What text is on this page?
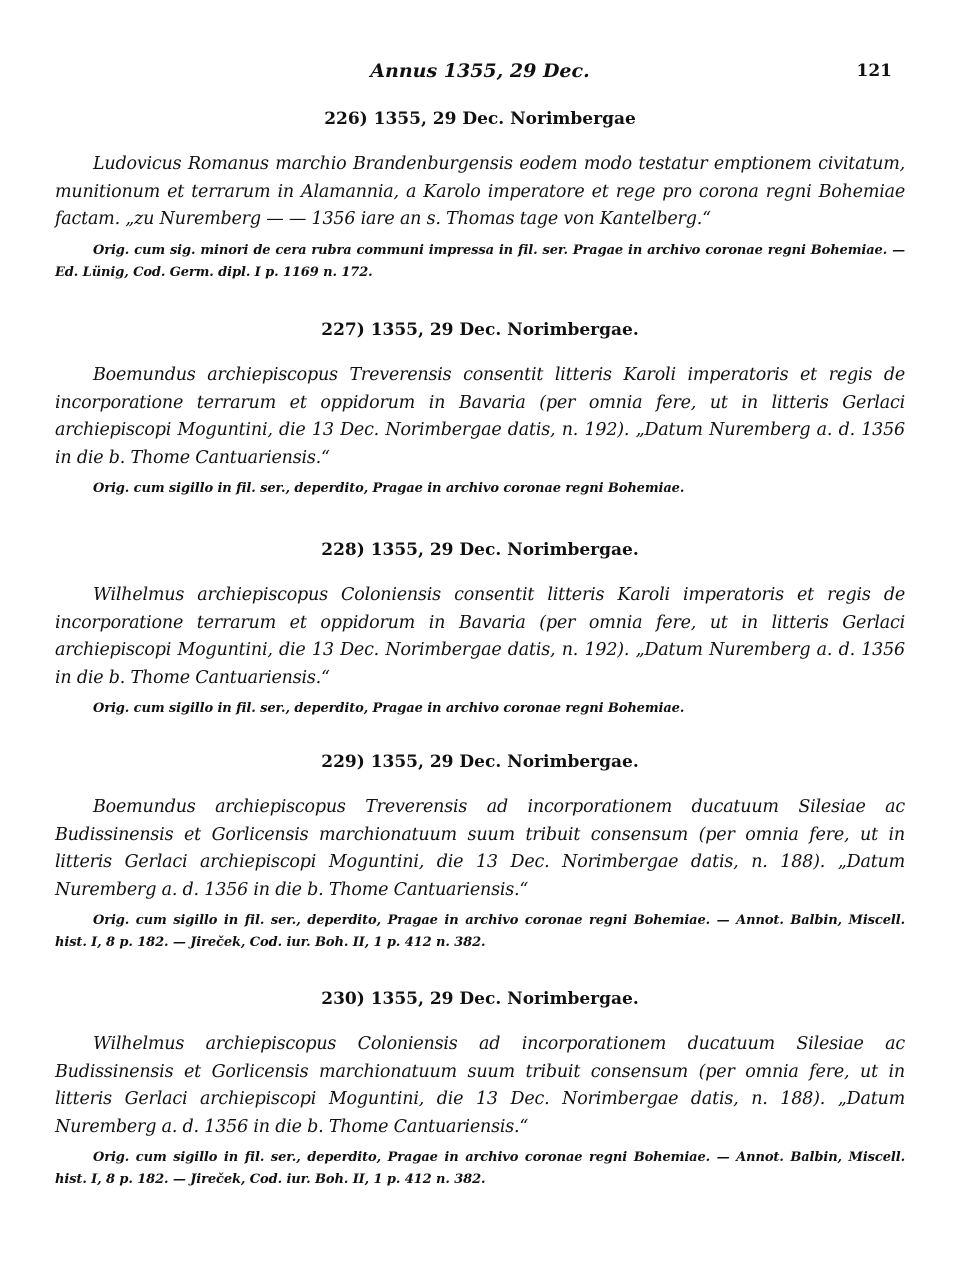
Annus 1355, 29 Dec.	121
226) 1355, 29 Dec. Norimbergae

Ludovicus Romanus marchio Brandenburgensis eodem modo testatur emptionem civitatum, munitionum et terrarum in Alamannia, a Karolo imperatore et rege pro corona regni Bohemiae factam. „zu Nuremberg — — 1356 iare an s. Thomas tage von Kantelberg.“

Orig. cum sig. minori de cera rubra communi impressa in fil. ser. Pragae in archivo coronae regni Bohemiae. — Ed. Lünig, Cod. Germ. dipl. I p. 1169 n. 172.

227) 1355, 29 Dec. Norimbergae.

Boemundus archiepiscopus Treverensis consentit litteris Karoli imperatoris et regis de incorporatione terrarum et oppidorum in Bavaria (per omnia fere, ut in litteris Gerlaci archiepiscopi Moguntini, die 13 Dec. Norimbergae datis, n. 192). „Datum Nuremberg a. d. 1356 in die b. Thome Cantuariensis.“

Orig. cum sigillo in fil. ser., deperdito, Pragae in archivo coronae regni Bohemiae.

228) 1355, 29 Dec. Norimbergae.

Wilhelmus archiepiscopus Coloniensis consentit litteris Karoli imperatoris et regis de incorporatione terrarum et oppidorum in Bavaria (per omnia fere, ut in litteris Gerlaci archiepiscopi Moguntini, die 13 Dec. Norimbergae datis, n. 192). „Datum Nuremberg a. d. 1356 in die b. Thome Cantuariensis.“

Orig. cum sigillo in fil. ser., deperdito, Pragae in archivo coronae regni Bohemiae.

229) 1355, 29 Dec. Norimbergae.

Boemundus archiepiscopus Treverensis ad incorporationem ducatuum Silesiae ac Budissinensis et Gorlicensis marchionatuum suum tribuit consensum (per omnia fere, ut in litteris Gerlaci archiepiscopi Moguntini, die 13 Dec. Norimbergae datis, n. 188). „Datum Nuremberg a. d. 1356 in die b. Thome Cantuariensis.“

Orig. cum sigillo in fil. ser., deperdito, Pragae in archivo coronae regni Bohemiae. — Annot. Balbin, Miscell. hist. I, 8 p. 182. — Jireček, Cod. iur. Boh. II, 1 p. 412 n. 382.

230) 1355, 29 Dec. Norimbergae.

Wilhelmus archiepiscopus Coloniensis ad incorporationem ducatuum Silesiae ac Budissinensis et Gorlicensis marchionatuum suum tribuit consensum (per omnia fere, ut in litteris Gerlaci archiepiscopi Moguntini, die 13 Dec. Norimbergae datis, n. 188). „Datum Nuremberg a. d. 1356 in die b. Thome Cantuariensis.“

Orig. cum sigillo in fil. ser., deperdito, Pragae in archivo coronae regni Bohemiae. — Annot. Balbin, Miscell. hist. I, 8 p. 182. — Jireček, Cod. iur. Boh. II, 1 p. 412 n. 382.
